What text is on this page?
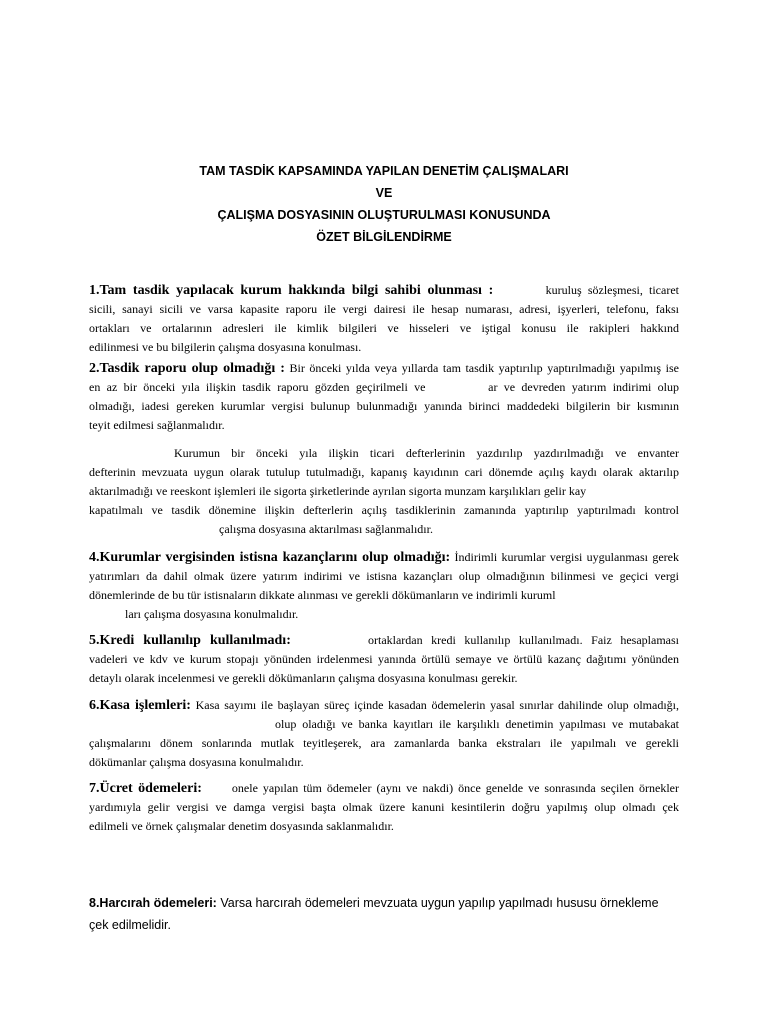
TAM TASDİK KAPSAMINDA YAPILAN DENETİM ÇALIŞMALARI
VE
ÇALIŞMA DOSYASININ OLUŞTURULMASI KONUSUNDA
ÖZET BİLGİLENDİRME
1.Tam tasdik yapılacak kurum hakkında bilgi sahibi olunması :	kuruluş sözleşmesi, ticaret
sicili, sanayi sicili ve varsa kapasite raporu ile vergi dairesi ile hesap numarası, adresi, işyerleri, telefonu, faksı
ortakları ve ortalarının adresleri ile kimlik bilgileri ve hisseleri ve iştigal konusu ile rakipleri hakkınd
edilinmesi ve bu bilgilerin çalışma dosyasına konulması.
2.Tasdik raporu olup olmadığı : Bir önceki yılda veya yıllarda tam tasdik yaptırılıp yaptırılmadığı yapılmış ise
en az bir önceki yıla ilişkin tasdik raporu gözden geçirilmeli ve	ar ve devreden yatırım indirimi olup
olmadığı, iadesi gereken kurumlar vergisi bulunup bulunmadığı yanında birinci maddedeki bilgilerin bir kısmının
teyit edilmesi sağlanmalıdır.
Kurumun bir önceki yıla ilişkin ticari defterlerinin yazdırılıp yazdırılmadığı ve envanter
defterinin mevzuata uygun olarak tutulup tutulmadığı, kapanış kayıdının cari dönemde açılış kaydı olarak aktarılıp
aktarılmadığı ve reeskont işlemleri ile sigorta şirketlerinde ayrılan sigorta munzam karşılıkları gelir kay
kapatılmalı ve tasdik dönemine ilişkin defterlerin açılış tasdiklerinin zamanında yaptırılıp yaptırılmadı kontrol
çalışma dosyasına aktarılması sağlanmalıdır.
4.Kurumlar vergisinden istisna kazançlarını olup olmadığı: İndirimli kurumlar vergisi uygulanması gerek
yatırımları da dahil olmak üzere yatırım indirimi ve istisna kazançları olup olmadığının bilinmesi ve geçici vergi
dönemlerinde de bu tür istisnaların dikkate alınması ve gerekli dökümanların ve indirimli kuruml
ları çalışma dosyasına konulmalıdır.
5.Kredi kullanılıp kullanılmadı:	ortaklardan kredi kullanılıp kullanılmadı. Faiz hesaplaması
vadeleri ve kdv ve kurum stopajı yönünden irdelenmesi yanında örtülü semaye ve örtülü kazanç dağıtımı yönünden
detaylı olarak incelenmesi ve gerekli dökümanların çalışma dosyasına konulması gerekir.
6.Kasa işlemleri: Kasa sayımı ile başlayan süreç içinde kasadan ödemelerin yasal sınırlar dahilinde olup olmadığı,
olup oladığı ve banka kayıtları ile karşılıklı denetimin yapılması ve mutabakat
çalışmalarını dönem sonlarında mutlak teyitleşerek, ara zamanlarda banka ekstraları ile yapılmalı ve gerekli
dökümanlar çalışma dosyasına konulmalıdır.
7.Ücret ödemeleri:	onele yapılan tüm ödemeler (aynı ve nakdi) önce genelde ve sonrasında seçilen örnekler
yardımıyla gelir vergisi ve damga vergisi başta olmak üzere kanuni kesintilerin doğru yapılmış olup olmadı çek
edilmeli ve örnek çalışmalar denetim dosyasında saklanmalıdır.
8.Harcırah ödemeleri: Varsa harcırah ödemeleri mevzuata uygun yapılıp yapılmadı hususu örnekleme
çek edilmelidir.
